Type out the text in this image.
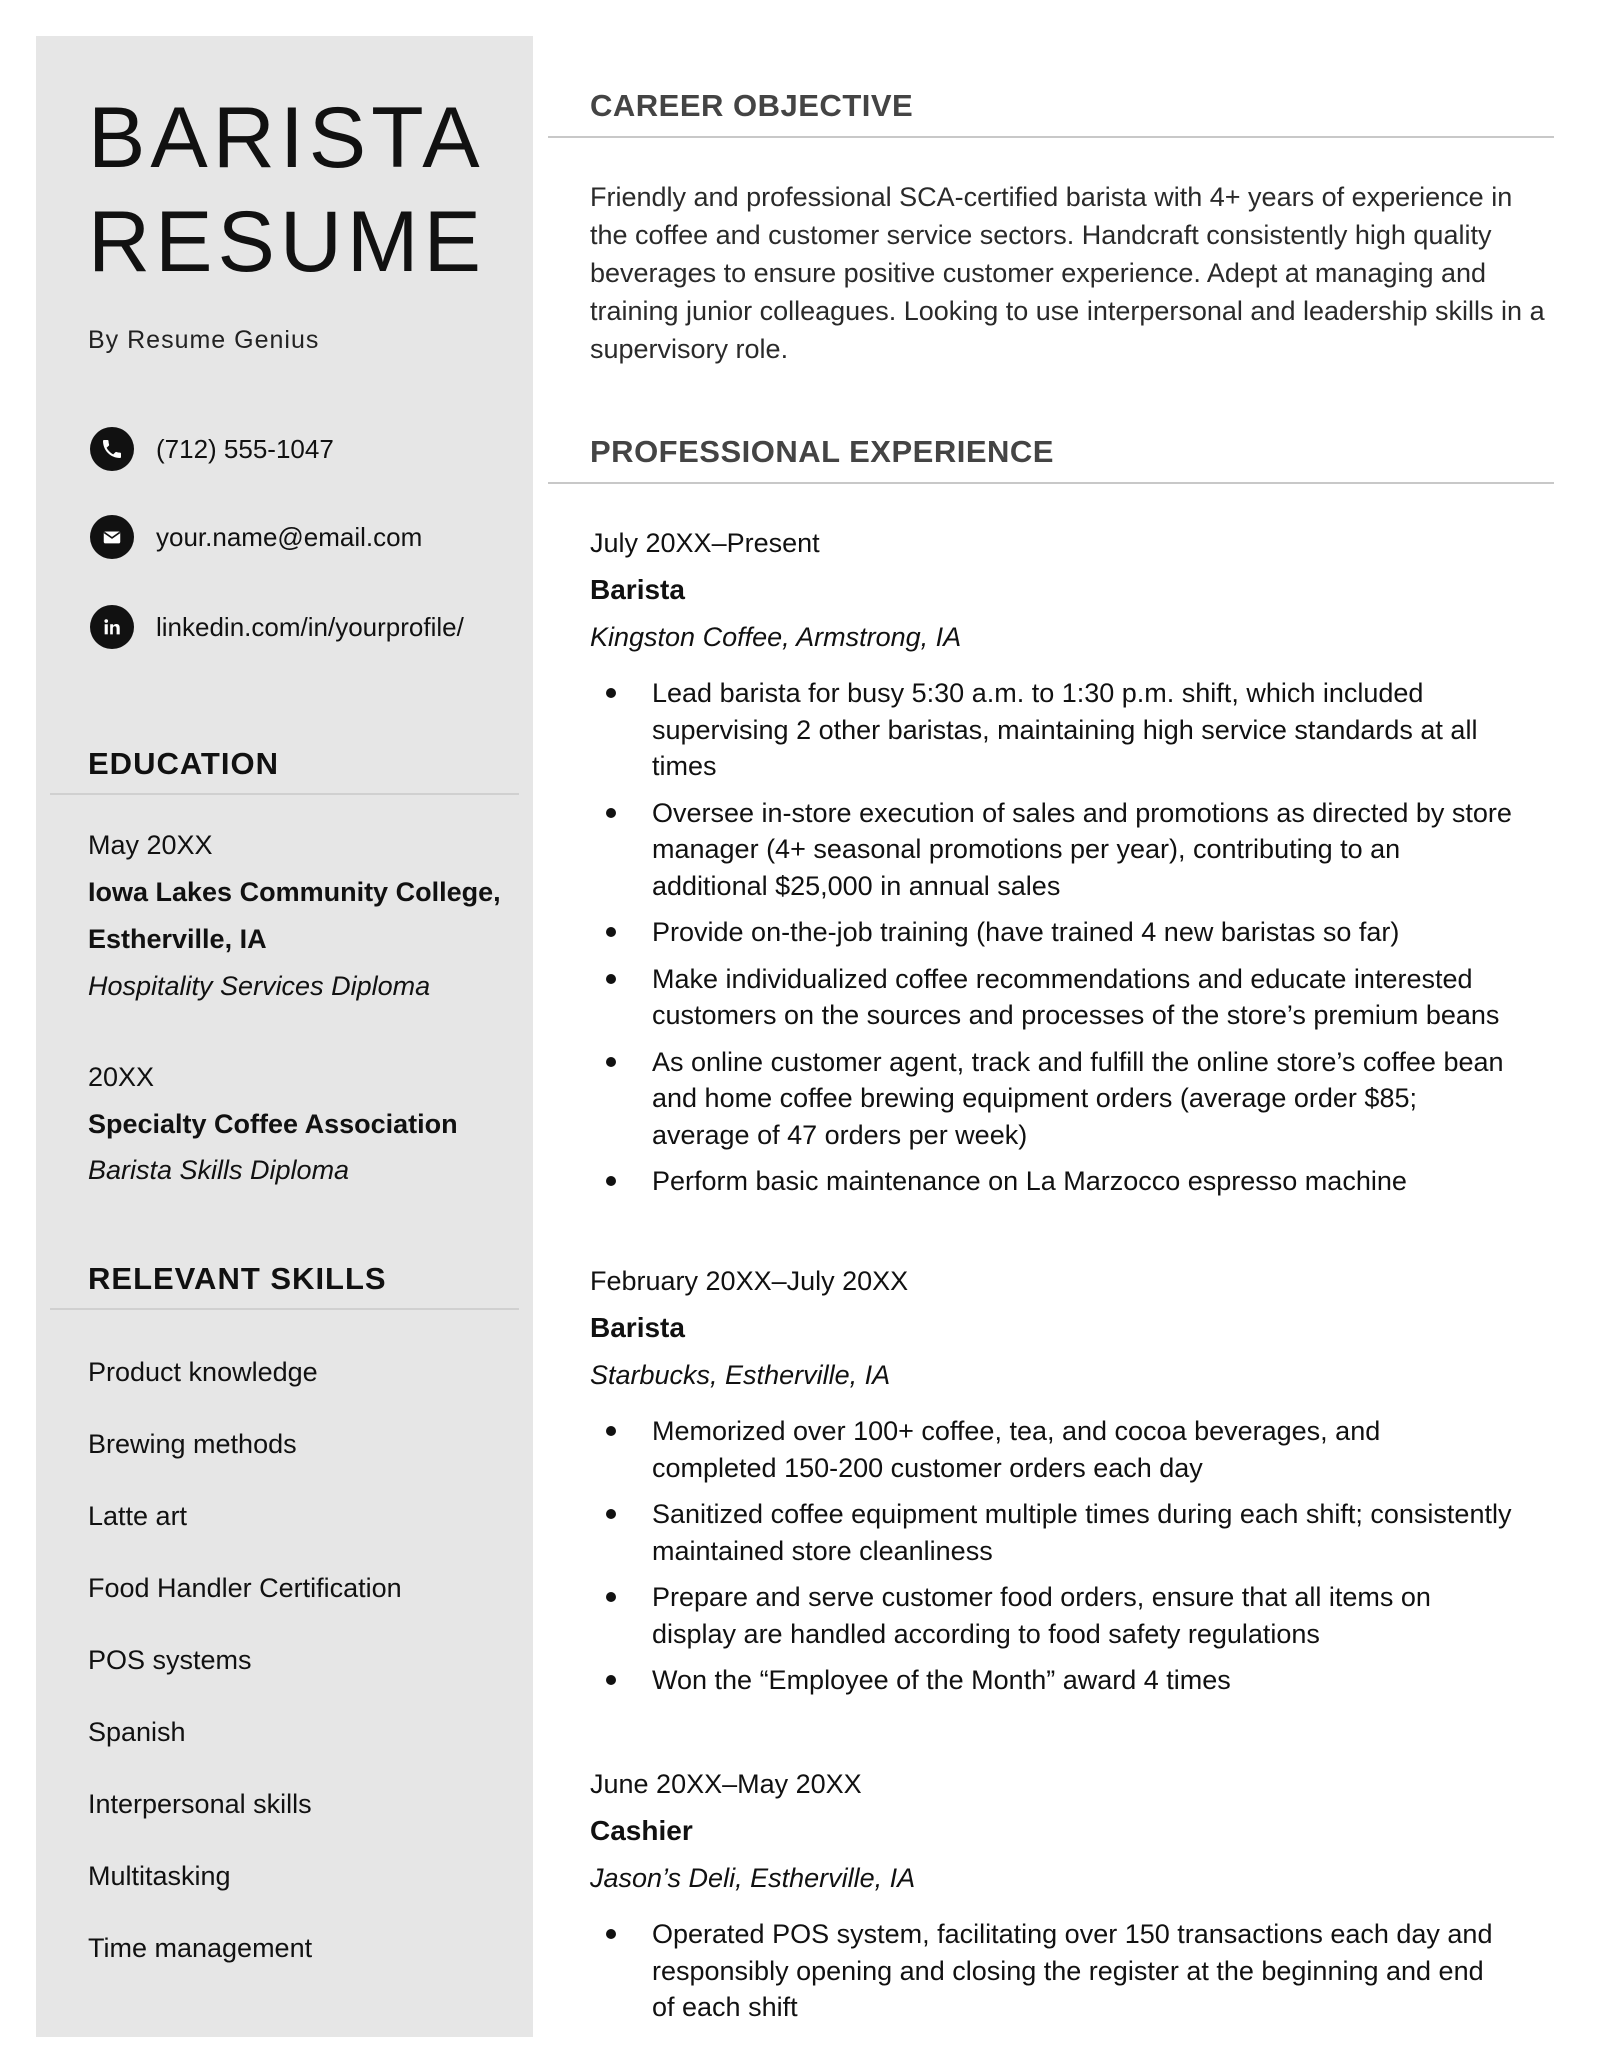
BARISTA
RESUME
By Resume Genius
(712) 555-1047
your.name@email.com
linkedin.com/in/yourprofile/
EDUCATION
May 20XX
Iowa Lakes Community College,
Estherville, IA
Hospitality Services Diploma
20XX
Specialty Coffee Association
Barista Skills Diploma
RELEVANT SKILLS
Product knowledge
Brewing methods
Latte art
Food Handler Certification
POS systems
Spanish
Interpersonal skills
Multitasking
Time management
CAREER OBJECTIVE

Friendly and professional SCA-certified barista with 4+ years of experience in the coffee and customer service sectors. Handcraft consistently high quality beverages to ensure positive customer experience. Adept at managing and training junior colleagues. Looking to use interpersonal and leadership skills in a supervisory role.

PROFESSIONAL EXPERIENCE
July 20XX–Present
Barista
Kingston Coffee, Armstrong, IA
Lead barista for busy 5:30 a.m. to 1:30 p.m. shift, which included supervising 2 other baristas, maintaining high service standards at all times
Oversee in-store execution of sales and promotions as directed by store manager (4+ seasonal promotions per year), contributing to an additional $25,000 in annual sales
Provide on-the-job training (have trained 4 new baristas so far)
Make individualized coffee recommendations and educate interested customers on the sources and processes of the store’s premium beans
As online customer agent, track and fulfill the online store’s coffee bean and home coffee brewing equipment orders (average order $85; average of 47 orders per week)
Perform basic maintenance on La Marzocco espresso machine
February 20XX–July 20XX
Barista
Starbucks, Estherville, IA
Memorized over 100+ coffee, tea, and cocoa beverages, and completed 150-200 customer orders each day
Sanitized coffee equipment multiple times during each shift; consistently maintained store cleanliness
Prepare and serve customer food orders, ensure that all items on display are handled according to food safety regulations
Won the “Employee of the Month” award 4 times
June 20XX–May 20XX
Cashier
Jason’s Deli, Estherville, IA
Operated POS system, facilitating over 150 transactions each day and responsibly opening and closing the register at the beginning and end of each shift
